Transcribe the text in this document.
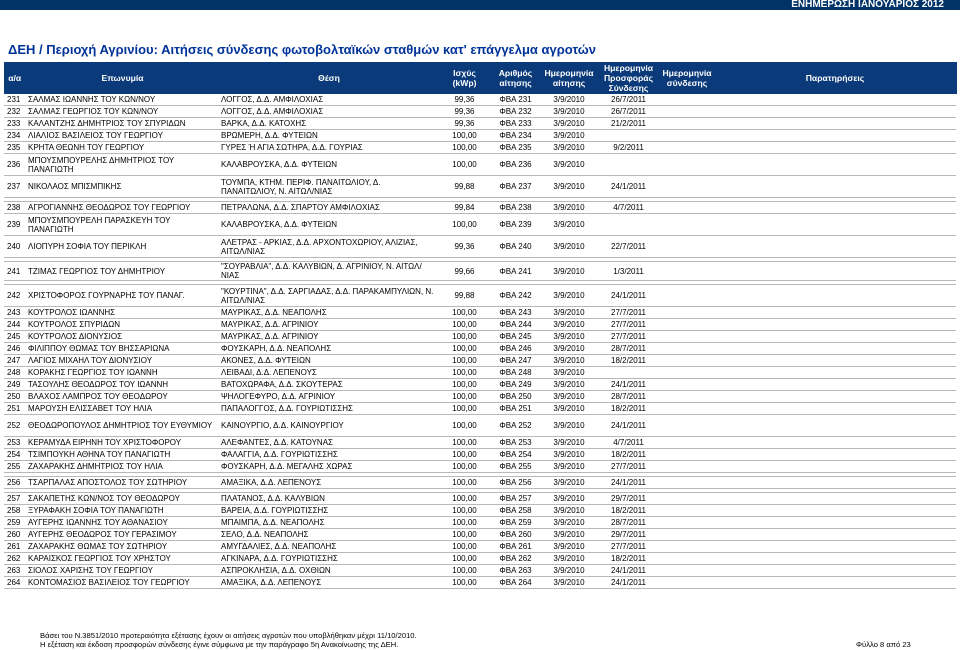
ΕΝΗΜΕΡΩΣΗ ΙΑΝΟΥΑΡΙΟΣ 2012
ΔΕΗ / Περιοχή Αγρινίου: Αιτήσεις σύνδεσης φωτοβολταϊκών σταθμών κατ' επάγγελμα αγροτών
α/α	Επωνυμία	Θέση	Ισχύς (kWp)	Αριθμός αίτησης	Ημερομηνία αίτησης	Ημερομηνία Προσφοράς Σύνδεσης	Ημερομηνία σύνδεσης	Παρατηρήσεις
231	ΣΑΛΜΑΣ ΙΩΑΝΝΗΣ ΤΟΥ ΚΩΝ/ΝΟΥ	ΛΟΓΓΟΣ, Δ.Δ. ΑΜΦΙΛΟΧΙΑΣ	99,36	ΦΒΑ 231	3/9/2010	26/7/2011		
232	ΣΑΛΜΑΣ ΓΕΩΡΓΙΟΣ ΤΟΥ ΚΩΝ/ΝΟΥ	ΛΟΓΓΟΣ, Δ.Δ. ΑΜΦΙΛΟΧΙΑΣ	99,36	ΦΒΑ 232	3/9/2010	26/7/2011		
233	ΚΑΛΑΝΤΖΗΣ ΔΗΜΗΤΡΙΟΣ ΤΟΥ ΣΠΥΡΙΔΩΝ	ΒΑΡΚΑ, Δ.Δ. ΚΑΤΟΧΗΣ	99,36	ΦΒΑ 233	3/9/2010	21/2/2011		
234	ΛΙΑΛΙΟΣ ΒΑΣΙΛΕΙΟΣ ΤΟΥ ΓΕΩΡΓΙΟΥ	ΒΡΩΜΕΡΗ, Δ.Δ. ΦΥΤΕΙΩΝ	100,00	ΦΒΑ 234	3/9/2010			
235	ΚΡΗΤΑ ΘΕΩΝΗ ΤΟΥ ΓΕΩΡΓΙΟΥ	ΓΥΡΕΣ Ή ΑΓΙΑ ΣΩΤΗΡΑ, Δ.Δ. ΓΟΥΡΙΑΣ	100,00	ΦΒΑ 235	3/9/2010	9/2/2011		
236	ΜΠΟΥΣΜΠΟΥΡΕΛΗΣ ΔΗΜΗΤΡΙΟΣ ΤΟΥ ΠΑΝΑΓΙΩΤΗ	ΚΑΛΑΒΡΟΥΣΚΑ, Δ.Δ. ΦΥΤΕΙΩΝ	100,00	ΦΒΑ 236	3/9/2010			
237	ΝΙΚΟΛΑΟΣ ΜΠΙΣΜΠΙΚΗΣ	ΤΟΥΜΠΑ, ΚΤΗΜ. ΠΕΡΙΦ. ΠΑΝΑΙΤΩΛΙΟΥ, Δ. ΠΑΝΑΙΤΩΛΙΟΥ, Ν. ΑΙΤΩΛ/ΝΙΑΣ	99,88	ΦΒΑ 237	3/9/2010	24/1/2011		

238	ΑΓΡΟΓΙΑΝΝΗΣ ΘΕΟΔΩΡΟΣ ΤΟΥ ΓΕΩΡΓΙΟΥ	ΠΕΤΡΑΛΩΝΑ, Δ.Δ. ΣΠΑΡΤΟΥ ΑΜΦΙΛΟΧΙΑΣ	99,84	ΦΒΑ 238	3/9/2010	4/7/2011		
239	ΜΠΟΥΣΜΠΟΥΡΕΛΗ ΠΑΡΑΣΚΕΥΗ ΤΟΥ ΠΑΝΑΓΙΩΤΗ	ΚΑΛΑΒΡΟΥΣΚΑ, Δ.Δ. ΦΥΤΕΙΩΝ	100,00	ΦΒΑ 239	3/9/2010			
240	ΛΙΟΠΥΡΗ ΣΟΦΙΑ ΤΟΥ ΠΕΡΙΚΛΗ	ΑΛΕΤΡΑΣ - ΑΡΚΙΑΣ, Δ.Δ. ΑΡΧΟΝΤΟΧΩΡΙΟΥ, ΑΛΙΖΙΑΣ, ΑΙΤΩΛ/ΝΙΑΣ	99,36	ΦΒΑ 240	3/9/2010	22/7/2011		

241	ΤΖΙΜΑΣ ΓΕΩΡΓΙΟΣ ΤΟΥ ΔΗΜΗΤΡΙΟΥ	"ΣΟΥΡΑΒΛΙΑ", Δ.Δ. ΚΑΛΥΒΙΩΝ, Δ. ΑΓΡΙΝΙΟΥ, Ν. ΑΙΤΩΛ/ΝΙΑΣ	99,66	ΦΒΑ 241	3/9/2010	1/3/2011		

242	ΧΡΙΣΤΟΦΟΡΟΣ ΓΟΥΡΝΑΡΗΣ ΤΟΥ ΠΑΝΑΓ.	"ΚΟΥΡΤΙΝΑ", Δ.Δ. ΣΑΡΓΙΑΔΑΣ, Δ.Δ. ΠΑΡΑΚΑΜΠΥΛΙΩΝ, Ν. ΑΙΤΩΛ/ΝΙΑΣ	99,88	ΦΒΑ 242	3/9/2010	24/1/2011		
243	ΚΟΥΤΡΟΛΟΣ ΙΩΑΝΝΗΣ	ΜΑΥΡΙΚΑΣ, Δ.Δ. ΝΕΑΠΟΛΗΣ	100,00	ΦΒΑ 243	3/9/2010	27/7/2011		
244	ΚΟΥΤΡΟΛΟΣ ΣΠΥΡΙΔΩΝ	ΜΑΥΡΙΚΑΣ, Δ.Δ. ΑΓΡΙΝΙΟΥ	100,00	ΦΒΑ 244	3/9/2010	27/7/2011		
245	ΚΟΥΤΡΟΛΟΣ ΔΙΟΝΥΣΙΟΣ	ΜΑΥΡΙΚΑΣ, Δ.Δ. ΑΓΡΙΝΙΟΥ	100,00	ΦΒΑ 245	3/9/2010	27/7/2011		
246	ΦΙΛΙΠΠΟΥ ΘΩΜΑΣ ΤΟΥ ΒΗΣΣΑΡΙΩΝΑ	ΦΟΥΣΚΑΡΗ, Δ.Δ. ΝΕΑΠΟΛΗΣ	100,00	ΦΒΑ 246	3/9/2010	28/7/2011		
247	ΛΑΓΙΟΣ ΜΙΧΑΗΛ ΤΟΥ ΔΙΟΝΥΣΙΟΥ	ΑΚΟΝΕΣ, Δ.Δ. ΦΥΤΕΙΩΝ	100,00	ΦΒΑ 247	3/9/2010	18/2/2011		
248	ΚΟΡΑΚΗΣ ΓΕΩΡΓΙΟΣ ΤΟΥ ΙΩΑΝΝΗ	ΛΕΙΒΑΔΙ, Δ.Δ. ΛΕΠΕΝΟΥΣ	100,00	ΦΒΑ 248	3/9/2010			
249	ΤΑΣΟΥΛΗΣ ΘΕΟΔΩΡΟΣ ΤΟΥ ΙΩΑΝΝΗ	ΒΑΤΟΧΩΡΑΦΑ, Δ.Δ. ΣΚΟΥΤΕΡΑΣ	100,00	ΦΒΑ 249	3/9/2010	24/1/2011		
250	ΒΛΑΧΟΣ ΛΑΜΠΡΟΣ ΤΟΥ ΘΕΟΔΩΡΟΥ	ΨΗΛΟΓΕΦΥΡΟ, Δ.Δ. ΑΓΡΙΝΙΟΥ	100,00	ΦΒΑ 250	3/9/2010	28/7/2011		
251	ΜΑΡΟΥΣΗ ΕΛΙΣΣΑΒΕΤ ΤΟΥ ΗΛΙΑ	ΠΑΠΑΛΟΓΓΟΣ, Δ.Δ. ΓΟΥΡΙΩΤΙΣΣΗΣ	100,00	ΦΒΑ 251	3/9/2010	18/2/2011		
252	ΘΕΟΔΩΡΟΠΟΥΛΟΣ ΔΗΜΗΤΡΙΟΣ ΤΟΥ ΕΥΘΥΜΙΟΥ	ΚΑΙΝΟΥΡΓΙΟ, Δ.Δ. ΚΑΙΝΟΥΡΓΙΟΥ	100,00	ΦΒΑ 252	3/9/2010	24/1/2011		
253	ΚΕΡΑΜΥΔΑ ΕΙΡΗΝΗ ΤΟΥ ΧΡΙΣΤΟΦΟΡΟΥ	ΑΛΕΦΑΝΤΕΣ, Δ.Δ. ΚΑΤΟΥΝΑΣ	100,00	ΦΒΑ 253	3/9/2010	4/7/2011		
254	ΤΣΙΜΠΟΥΚΗ ΑΘΗΝΑ ΤΟΥ ΠΑΝΑΓΙΩΤΗ	ΦΑΛΑΓΓΙΑ, Δ.Δ. ΓΟΥΡΙΩΤΙΣΣΗΣ	100,00	ΦΒΑ 254	3/9/2010	18/2/2011		
255	ΖΑΧΑΡΑΚΗΣ ΔΗΜΗΤΡΙΟΣ ΤΟΥ ΗΛΙΑ	ΦΟΥΣΚΑΡΗ, Δ.Δ. ΜΕΓΑΛΗΣ ΧΩΡΑΣ	100,00	ΦΒΑ 255	3/9/2010	27/7/2011		

256	ΤΣΑΡΠΑΛΑΣ ΑΠΟΣΤΟΛΟΣ ΤΟΥ ΣΩΤΗΡΙΟΥ	ΑΜΑΞΙΚΑ, Δ.Δ. ΛΕΠΕΝΟΥΣ	100,00	ΦΒΑ 256	3/9/2010	24/1/2011		

257	ΣΑΚΑΠΕΤΗΣ ΚΩΝ/ΝΟΣ ΤΟΥ ΘΕΟΔΩΡΟΥ	ΠΛΑΤΑΝΟΣ, Δ.Δ. ΚΑΛΥΒΙΩΝ	100,00	ΦΒΑ 257	3/9/2010	29/7/2011		
258	ΞΥΡΑΦΑΚΗ ΣΟΦΙΑ ΤΟΥ ΠΑΝΑΓΙΩΤΗ	ΒΑΡΕΙΑ, Δ.Δ. ΓΟΥΡΙΩΤΙΣΣΗΣ	100,00	ΦΒΑ 258	3/9/2010	18/2/2011		
259	ΑΥΓΕΡΗΣ ΙΩΑΝΝΗΣ ΤΟΥ ΑΘΑΝΑΣΙΟΥ	ΜΠΑΙΜΠΑ, Δ.Δ. ΝΕΑΠΟΛΗΣ	100,00	ΦΒΑ 259	3/9/2010	28/7/2011		
260	ΑΥΓΕΡΗΣ ΘΕΟΔΩΡΟΣ ΤΟΥ ΓΕΡΑΣΙΜΟΥ	ΣΕΛΟ, Δ.Δ. ΝΕΑΠΟΛΗΣ	100,00	ΦΒΑ 260	3/9/2010	29/7/2011		
261	ΖΑΧΑΡΑΚΗΣ ΘΩΜΑΣ ΤΟΥ ΣΩΤΗΡΙΟΥ	ΑΜΥΓΔΑΛΙΕΣ, Δ.Δ. ΝΕΑΠΟΛΗΣ	100,00	ΦΒΑ 261	3/9/2010	27/7/2011		
262	ΚΑΡΑΙΣΚΟΣ ΓΕΩΡΓΙΟΣ ΤΟΥ ΧΡΗΣΤΟΥ	ΑΓΚΙΝΑΡΑ, Δ.Δ. ΓΟΥΡΙΩΤΙΣΣΗΣ	100,00	ΦΒΑ 262	3/9/2010	18/2/2011		
263	ΣΙΟΛΟΣ ΧΑΡΙΣΗΣ ΤΟΥ ΓΕΩΡΓΙΟΥ	ΑΣΠΡΟΚΛΗΣΙΑ, Δ.Δ. ΟΧΘΙΩΝ	100,00	ΦΒΑ 263	3/9/2010	24/1/2011		
264	ΚΟΝΤΟΜΑΣΙΟΣ ΒΑΣΙΛΕΙΟΣ ΤΟΥ ΓΕΩΡΓΙΟΥ	ΑΜΑΞΙΚΑ, Δ.Δ. ΛΕΠΕΝΟΥΣ	100,00	ΦΒΑ 264	3/9/2010	24/1/2011		
Βάσει του Ν.3851/2010 προτεραιότητα εξέτασης έχουν οι αιτήσεις αγροτών που υποβλήθηκαν μέχρι 11/10/2010.
Η εξέταση και έκδοση προσφορών σύνδεσης έγινε σύμφωνα με την παράγραφο 5η Ανακοίνωσης της ΔΕΗ.	Φύλλο 8 από 23
